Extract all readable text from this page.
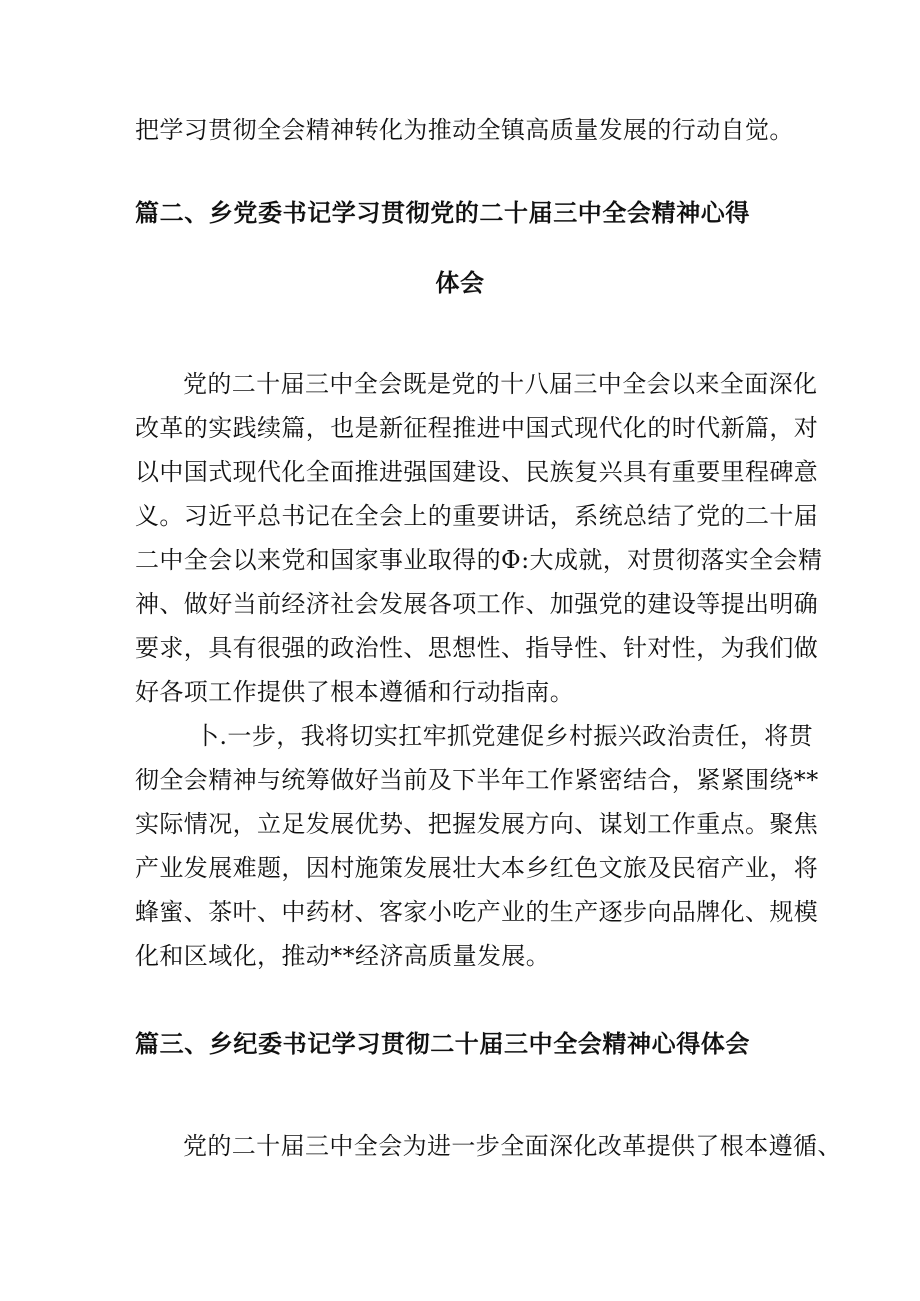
把学习贯彻全会精神转化为推动全镇高质量发展的行动自觉。
篇二、乡党委书记学习贯彻党的二十届三中全会精神心得
体会
党的二十届三中全会既是党的十八届三中全会以来全面深化
改革的实践续篇，也是新征程推进中国式现代化的时代新篇，对
以中国式现代化全面推进强国建设、民族复兴具有重要里程碑意
义。习近平总书记在全会上的重要讲话，系统总结了党的二十届
二中全会以来党和国家事业取得的Φ:大成就，对贯彻落实全会精
神、做好当前经济社会发展各项工作、加强党的建设等提出明确
要求，具有很强的政治性、思想性、指导性、针对性，为我们做
好各项工作提供了根本遵循和行动指南。
卜.一步，我将切实扛牢抓党建促乡村振兴政治责任，将贯
彻全会精神与统筹做好当前及下半年工作紧密结合，紧紧围绕**
实际情况，立足发展优势、把握发展方向、谋划工作重点。聚焦
产业发展难题，因村施策发展壮大本乡红色文旅及民宿产业，将
蜂蜜、茶叶、中药材、客家小吃产业的生产逐步向品牌化、规模
化和区域化，推动**经济高质量发展。
篇三、乡纪委书记学习贯彻二十届三中全会精神心得体会
党的二十届三中全会为进一步全面深化改革提供了根本遵循、
